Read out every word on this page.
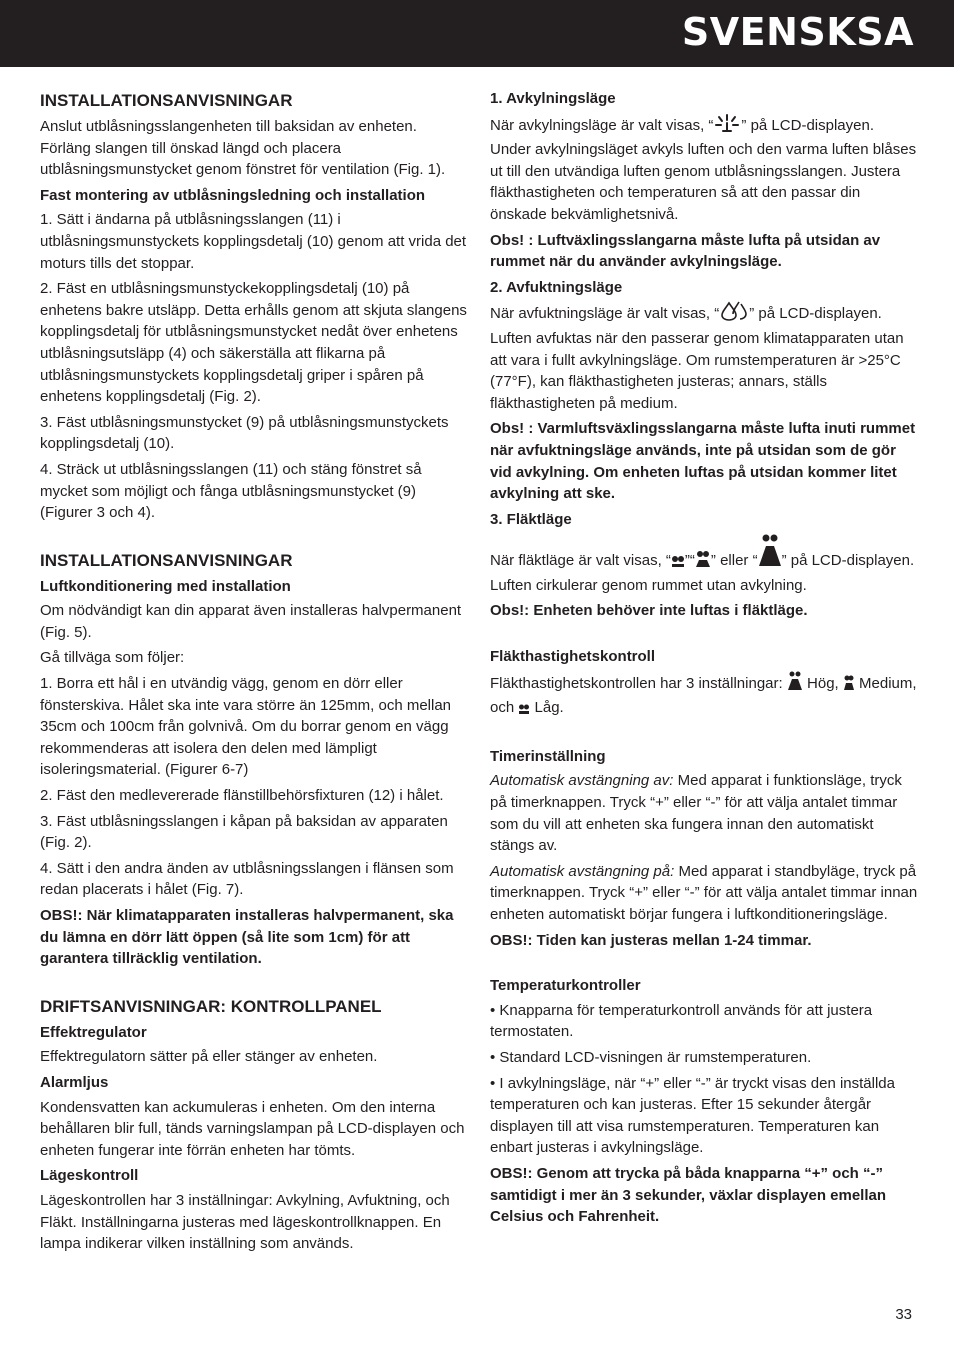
SVENSKSA
INSTALLATIONSANVISNINGAR

Anslut utblåsningsslangenheten till baksidan av enheten. Förläng slangen till önskad längd och placera utblåsningsmunstycket genom fönstret för ventilation (Fig. 1).

Fast montering av utblåsningsledning och installation

1. Sätt i ändarna på utblåsningsslangen (11) i utblåsningsmunstyckets kopplingsdetalj (10) genom att vrida det moturs tills det stoppar.

2. Fäst en utblåsningsmunstyckekopplingsdetalj (10) på enhetens bakre utsläpp. Detta erhålls genom att skjuta slangens kopplingsdetalj för utblåsningsmunstycket nedåt över enhetens utblåsningsutsläpp (4) och säkerställa att flikarna på utblåsningsmunstyckets kopplingsdetalj griper i spåren på enhetens kopplingsdetalj (Fig. 2).

3. Fäst utblåsningsmunstycket (9) på utblåsningsmunstyckets kopplingsdetalj (10).

4. Sträck ut utblåsningsslangen (11) och stäng fönstret så mycket som möjligt och fånga utblåsningsmunstycket (9) (Figurer 3 och 4).

INSTALLATIONSANVISNINGAR

Luftkonditionering med installation

Om nödvändigt kan din apparat även installeras halvpermanent (Fig. 5).

Gå tillväga som följer:

1. Borra ett hål i en utvändig vägg, genom en dörr eller fönsterskiva. Hålet ska inte vara större än 125mm, och mellan 35cm och 100cm från golvnivå. Om du borrar genom en vägg rekommenderas att isolera den delen med lämpligt isoleringsmaterial. (Figurer 6-7)

2. Fäst den medlevererade flänstillbehörsfixturen (12) i hålet.

3. Fäst utblåsningsslangen i kåpan på baksidan av apparaten (Fig. 2).

4. Sätt i den andra änden av utblåsningsslangen i flänsen som redan placerats i hålet (Fig. 7).

OBS!: När klimatapparaten installeras halvpermanent, ska du lämna en dörr lätt öppen (så lite som 1cm) för att garantera tillräcklig ventilation.

DRIFTSANVISNINGAR: KONTROLLPANEL

Effektregulator

Effektregulatorn sätter på eller stänger av enheten.

Alarmljus

Kondensvatten kan ackumuleras i enheten. Om den interna behållaren blir full, tänds varningslampan på LCD-displayen och enheten fungerar inte förrän enheten har tömts.

Lägeskontroll

Lägeskontrollen har 3 inställningar: Avkylning, Avfuktning, och Fläkt. Inställningarna justeras med lägeskontrollknappen. En lampa indikerar vilken inställning som används.

1. Avkylningsläge

När avkylningsläge är valt visas, “ ” på LCD-displayen. Under avkylningsläget avkyls luften och den varma luften blåses ut till den utvändiga luften genom utblåsningsslangen. Justera fläkthastigheten och temperaturen så att den passar din önskade bekvämlighetsnivå.

Obs! : Luftväxlingsslangarna måste lufta på utsidan av rummet när du använder avkylningsläge.

2. Avfuktningsläge

När avfuktningsläge är valt visas, “ ” på LCD-displayen. Luften avfuktas när den passerar genom klimatapparaten utan att vara i fullt avkylningsläge. Om rumstemperaturen är >25°C (77°F), kan fläkthastigheten justeras; annars, ställs fläkthastigheten på medium.

Obs! : Varmluftsväxlingsslangarna måste lufta inuti rummet när avfuktningsläge används, inte på utsidan som de gör vid avkylning. Om enheten luftas på utsidan kommer litet avkylning att ske.

3. Fläktläge

När fläktläge är valt visas, “ ”“ ” eller “ ” på LCD-displayen.
Luften cirkulerar genom rummet utan avkylning.

Obs!: Enheten behöver inte luftas i fläktläge.

Fläkthastighetskontroll

Fläkthastighetskontrollen har 3 inställningar: Hög, Medium,
och Låg.

Timerinställning

Automatisk avstängning av: Med apparat i funktionsläge, tryck på timerknappen. Tryck “+” eller “-” för att välja antalet timmar som du vill att enheten ska fungera innan den automatiskt stängs av.

Automatisk avstängning på: Med apparat i standbyläge, tryck på timerknappen. Tryck “+” eller “-” för att välja antalet timmar innan enheten automatiskt börjar fungera i luftkonditioneringsläge.

OBS!: Tiden kan justeras mellan 1-24 timmar.

Temperaturkontroller

• Knapparna för temperaturkontroll används för att justera termostaten.

• Standard LCD-visningen är rumstemperaturen.

• I avkylningsläge, när “+” eller “-” är tryckt visas den inställda temperaturen och kan justeras. Efter 15 sekunder återgår displayen till att visa rumstemperaturen. Temperaturen kan enbart justeras i avkylningsläge.

OBS!: Genom att trycka på båda knapparna “+” och “-” samtidigt i mer än 3 sekunder, växlar displayen emellan Celsius och Fahrenheit.

33
